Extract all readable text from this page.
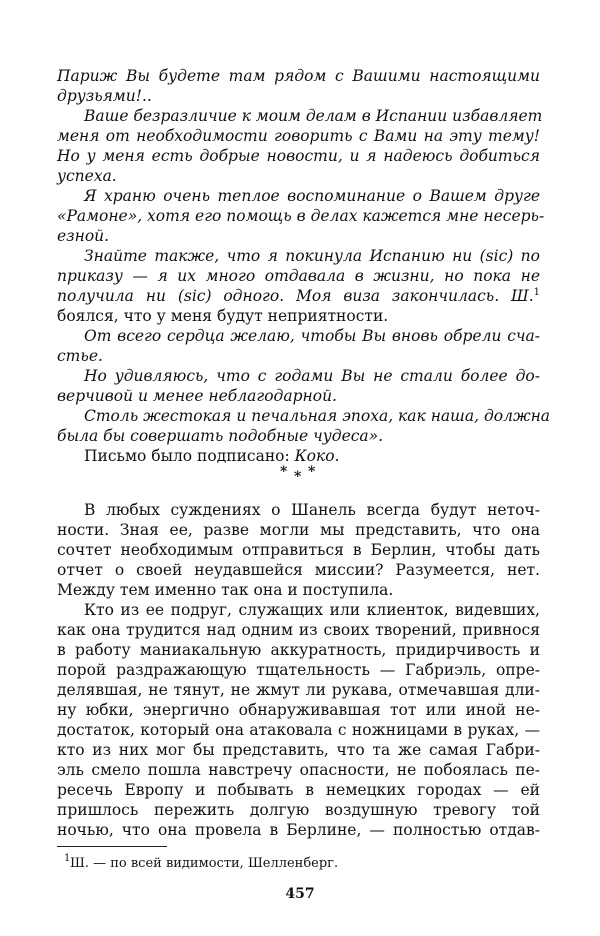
Париж Вы будете там рядом с Вашими настоящими
друзьями!..
Ваше безразличие к моим делам в Испании избавляет
меня от необходимости говорить с Вами на эту тему!
Но у меня есть добрые новости, и я надеюсь добиться
успеха.
Я храню очень теплое воспоминание о Вашем друге
«Рамоне», хотя его помощь в делах кажется мне несерь-
езной.
Знайте также, что я покинула Испанию ни (sic) по
приказу — я их много отдавала в жизни, но пока не
получила ни (sic) одного. Моя виза закончилась. Ш.$^1$
боялся, что у меня будут неприятности.
От всего сердца желаю, чтобы Вы вновь обрели сча-
стье.
Но удивляюсь, что с годами Вы не стали более до-
верчивой и менее неблагодарной.
Столь жестокая и печальная эпоха, как наша, должна
была бы совершать подобные чудеса».
Письмо было подписано: Коко.
* * *
В любых суждениях о Шанель всегда будут неточ-
ности. Зная ее, разве могли мы представить, что она
сочтет необходимым отправиться в Берлин, чтобы дать
отчет о своей неудавшейся миссии? Разумеется, нет.
Между тем именно так она и поступила.
Кто из ее подруг, служащих или клиенток, видевших,
как она трудится над одним из своих творений, привнося
в работу маниакальную аккуратность, придирчивость и
порой раздражающую тщательность — Габриэль, опре-
делявшая, не тянут, не жмут ли рукава, отмечавшая дли-
ну юбки, энергично обнаруживавшая тот или иной не-
достаток, который она атаковала с ножницами в руках, —
кто из них мог бы представить, что та же самая Габри-
эль смело пошла навстречу опасности, не побоялась пе-
ресечь Европу и побывать в немецких городах — ей
пришлось пережить долгую воздушную тревогу той
ночью, что она провела в Берлине, — полностью отдав-
1 Ш. — по всей видимости, Шелленберг.
457
